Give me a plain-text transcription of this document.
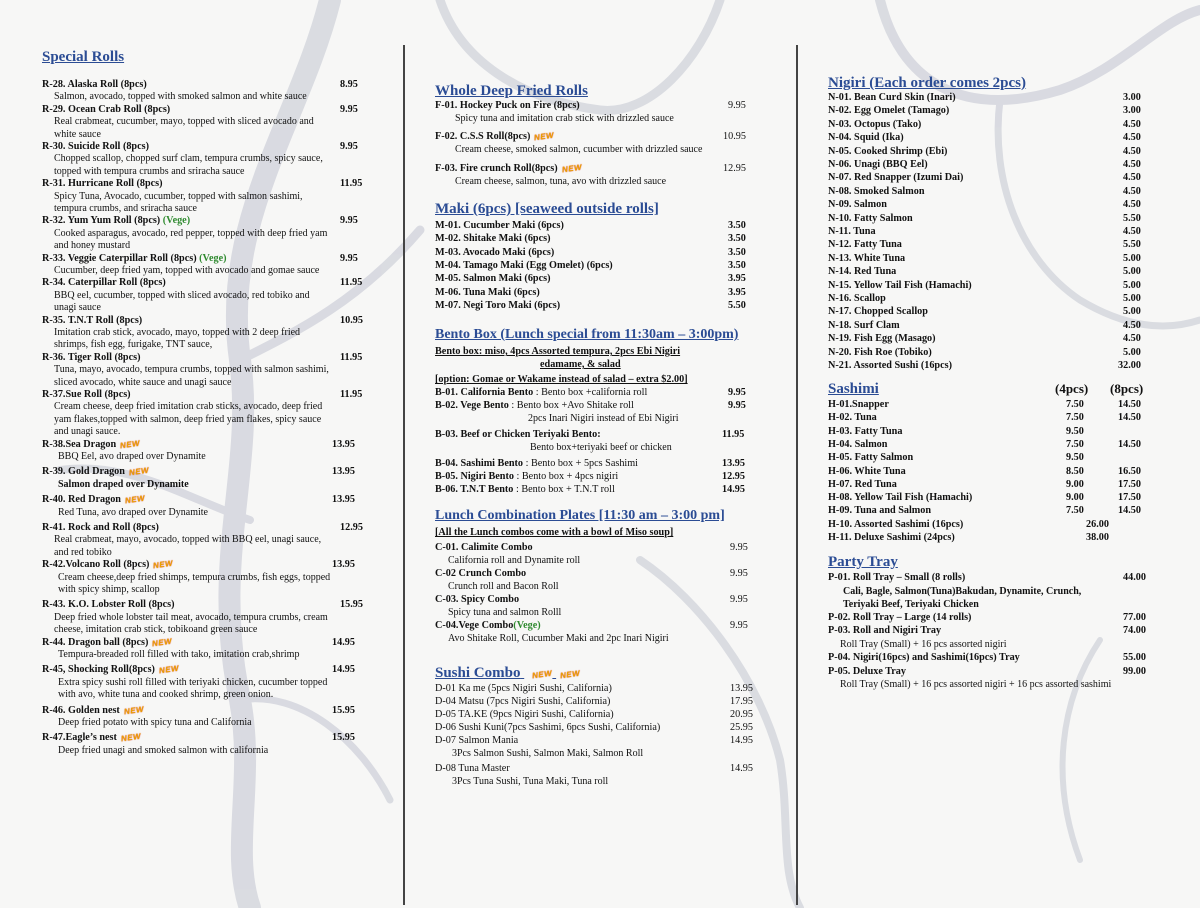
Special Rolls
Whole Deep Fried Rolls
Maki (6pcs) [seaweed outside rolls]
Bento Box (Lunch special from 11:30am – 3:00pm)
Bento box: miso, 4pcs Assorted tempura, 2pcs Ebi Nigiri
edamame, & salad
[option: Gomae or Wakame instead of salad – extra $2.00]
Lunch Combination Plates [11:30 am – 3:00 pm]
[All the Lunch combos come with a bowl of Miso soup]
Sushi Combo NEW NEW
Nigiri (Each order comes 2pcs)
Sashimi	(4pcs) (8pcs)
Party Tray
R-28. Alaska Roll (8pcs)	8.95
Salmon, avocado, topped with smoked salmon and white sauce
R-29. Ocean Crab Roll (8pcs)	9.95
Real crabmeat, cucumber, mayo, topped with sliced avocado and
white sauce
R-30. Suicide Roll (8pcs)	9.95
Chopped scallop, chopped surf clam, tempura crumbs, spicy sauce,
topped with tempura crumbs and sriracha sauce
R-31. Hurricane Roll (8pcs)	11.95
Spicy Tuna, Avocado, cucumber, topped with salmon sashimi,
tempura crumbs, and sriracha sauce
R-32. Yum Yum Roll (8pcs) (Vege)	9.95
Cooked asparagus, avocado, red pepper, topped with deep fried yam
and honey mustard
R-33. Veggie Caterpillar Roll (8pcs) (Vege)	9.95
Cucumber, deep fried yam, topped with avocado and gomae sauce
R-34. Caterpillar Roll (8pcs)	11.95
BBQ eel, cucumber, topped with sliced avocado, red tobiko and
unagi sauce
R-35. T.N.T Roll (8pcs)	10.95
Imitation crab stick, avocado, mayo, topped with 2 deep fried
shrimps, fish egg, furigake, TNT sauce,
R-36. Tiger Roll (8pcs)	11.95
Tuna, mayo, avocado, tempura crumbs, topped with salmon sashimi,
sliced avocado, white sauce and unagi sauce
R-37.Sue Roll (8pcs)	11.95
Cream cheese, deep fried imitation crab sticks, avocado, deep fried
yam flakes,topped with salmon, deep fried yam flakes, spicy sauce
and unagi sauce.
R-38.Sea Dragon NEW	13.95
BBQ Eel, avo draped over Dynamite
R-39. Gold Dragon NEW	13.95
Salmon draped over Dynamite
R-40. Red Dragon NEW	13.95
Red Tuna, avo draped over Dynamite
R-41. Rock and Roll (8pcs)	12.95
Real crabmeat, mayo, avocado, topped with BBQ eel, unagi sauce,
and red tobiko
R-42.Volcano Roll (8pcs) NEW	13.95
Cream cheese,deep fried shimps, tempura crumbs, fish eggs, topped
with spicy shimp, scallop
R-43. K.O. Lobster Roll (8pcs)	15.95
Deep fried whole lobster tail meat, avocado, tempura crumbs, cream
cheese, imitation crab stick, tobikoand green sauce
R-44. Dragon ball (8pcs) NEW	14.95
Tempura-breaded roll filled with tako, imitation crab,shrimp
R-45, Shocking Roll(8pcs) NEW	14.95
Extra spicy sushi roll filled with teriyaki chicken, cucumber topped
with avo, white tuna and cooked shrimp, green onion.
R-46. Golden nest NEW	15.95
Deep fried potato with spicy tuna and California
R-47.Eagle’s nest NEW	15.95
Deep fried unagi and smoked salmon with california
F-01. Hockey Puck on Fire (8pcs)	9.95
Spicy tuna and imitation crab stick with drizzled sauce
F-02. C.S.S Roll(8pcs) NEW	10.95
Cream cheese, smoked salmon, cucumber with drizzled sauce
F-03. Fire crunch Roll(8pcs) NEW	12.95
Cream cheese, salmon, tuna, avo with drizzled sauce
M-01. Cucumber Maki (6pcs)	3.50
M-02. Shitake Maki (6pcs)	3.50
M-03. Avocado Maki (6pcs)	3.50
M-04. Tamago Maki (Egg Omelet) (6pcs)	3.50
M-05. Salmon Maki (6pcs)	3.95
M-06. Tuna Maki (6pcs)	3.95
M-07. Negi Toro Maki (6pcs)	5.50
B-01. California Bento : Bento box +california roll	9.95
B-02. Vege Bento : Bento box +Avo Shitake roll	9.95
2pcs Inari Nigiri instead of Ebi Nigiri
B-03. Beef or Chicken Teriyaki Bento:	11.95
Bento box+teriyaki beef or chicken
B-04. Sashimi Bento : Bento box + 5pcs Sashimi	13.95
B-05. Nigiri Bento : Bento box + 4pcs nigiri	12.95
B-06. T.N.T Bento : Bento box + T.N.T roll	14.95
C-01. Calimite Combo	9.95
California roll and Dynamite roll
C-02 Crunch Combo	9.95
Crunch roll and Bacon Roll
C-03. Spicy Combo	9.95
Spicy tuna and salmon Rolll
C-04.Vege Combo(Vege)	9.95
Avo Shitake Roll, Cucumber Maki and 2pc Inari Nigiri
D-01 Ka me (5pcs Nigiri Sushi, California)	13.95
D-04 Matsu (7pcs Nigiri Sushi, California)	17.95
D-05 TA.KE (9pcs Nigiri Sushi, California)	20.95
D-06 Sushi Kuni(7pcs Sashimi, 6pcs Sushi, California)	25.95
D-07 Salmon Mania	14.95
3Pcs Salmon Sushi, Salmon Maki, Salmon Roll
D-08 Tuna Master	14.95
3Pcs Tuna Sushi, Tuna Maki, Tuna roll
N-01. Bean Curd Skin (Inari)	3.00
N-02. Egg Omelet (Tamago)	3.00
N-03. Octopus (Tako)	4.50
N-04. Squid (Ika)	4.50
N-05. Cooked Shrimp (Ebi)	4.50
N-06. Unagi (BBQ Eel)	4.50
N-07. Red Snapper (Izumi Dai)	4.50
N-08. Smoked Salmon	4.50
N-09. Salmon	4.50
N-10. Fatty Salmon	5.50
N-11. Tuna	4.50
N-12. Fatty Tuna	5.50
N-13. White Tuna	5.00
N-14. Red Tuna	5.00
N-15. Yellow Tail Fish (Hamachi)	5.00
N-16. Scallop	5.00
N-17. Chopped Scallop	5.00
N-18. Surf Clam	4.50
N-19. Fish Egg (Masago)	4.50
N-20. Fish Roe (Tobiko)	5.00
N-21. Assorted Sushi (16pcs)	32.00
H-01.Snapper	7.50	14.50
H-02. Tuna	7.50	14.50
H-03. Fatty Tuna	9.50
H-04. Salmon	7.50	14.50
H-05. Fatty Salmon	9.50
H-06. White Tuna	8.50	16.50
H-07. Red Tuna	9.00	17.50
H-08. Yellow Tail Fish (Hamachi)	9.00	17.50
H-09. Tuna and Salmon	7.50	14.50
H-10. Assorted Sashimi (16pcs)	26.00
H-11. Deluxe Sashimi (24pcs)	38.00
P-01. Roll Tray – Small (8 rolls)	44.00
Cali, Bagle, Salmon(Tuna)Bakudan, Dynamite, Crunch,
Teriyaki Beef, Teriyaki Chicken
P-02. Roll Tray – Large (14 rolls)	77.00
P-03. Roll and Nigiri Tray	74.00
Roll Tray (Small) + 16 pcs assorted nigiri
P-04. Nigiri(16pcs) and Sashimi(16pcs) Tray	55.00
P-05. Deluxe Tray	99.00
Roll Tray (Small) + 16 pcs assorted nigiri + 16 pcs assorted sashimi
